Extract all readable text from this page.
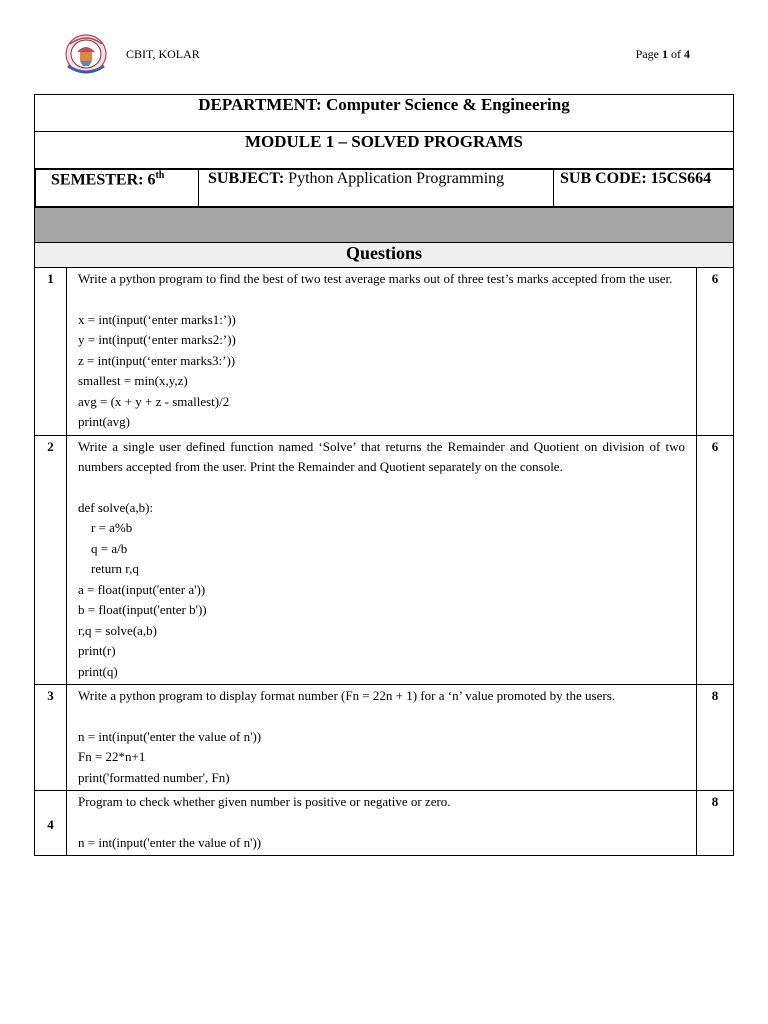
CBIT, KOLAR	Page 1 of 4
DEPARTMENT: Computer Science & Engineering
MODULE 1 – SOLVED PROGRAMS

SEMESTER: 6th	SUBJECT: Python Application Programming	SUB CODE: 15CS664

Questions
1	Write a python program to find the best of two test average marks out of three test’s marks accepted from the user.
x = int(input(‘enter marks1:’))
y = int(input(‘enter marks2:’))
z = int(input(‘enter marks3:’))
smallest = min(x,y,z)
avg = (x + y + z - smallest)/2
print(avg)
	6
2	Write a single user defined function named ‘Solve’ that returns the Remainder and Quotient on division of two numbers accepted from the user. Print the Remainder and Quotient separately on the console.
def solve(a,b):
r = a%b
q = a/b
return r,q
a = float(input('enter a'))
b = float(input('enter b'))
r,q = solve(a,b)
print(r)
print(q)
	6
3	Write a python program to display format number (Fn = 22n + 1) for a ‘n’ value promoted by the users.
n = int(input('enter the value of n'))
Fn = 22*n+1
print('formatted number', Fn)
	8
4	
Program to check whether given number is positive or negative or zero.
n = int(input('enter the value of n'))
	8
